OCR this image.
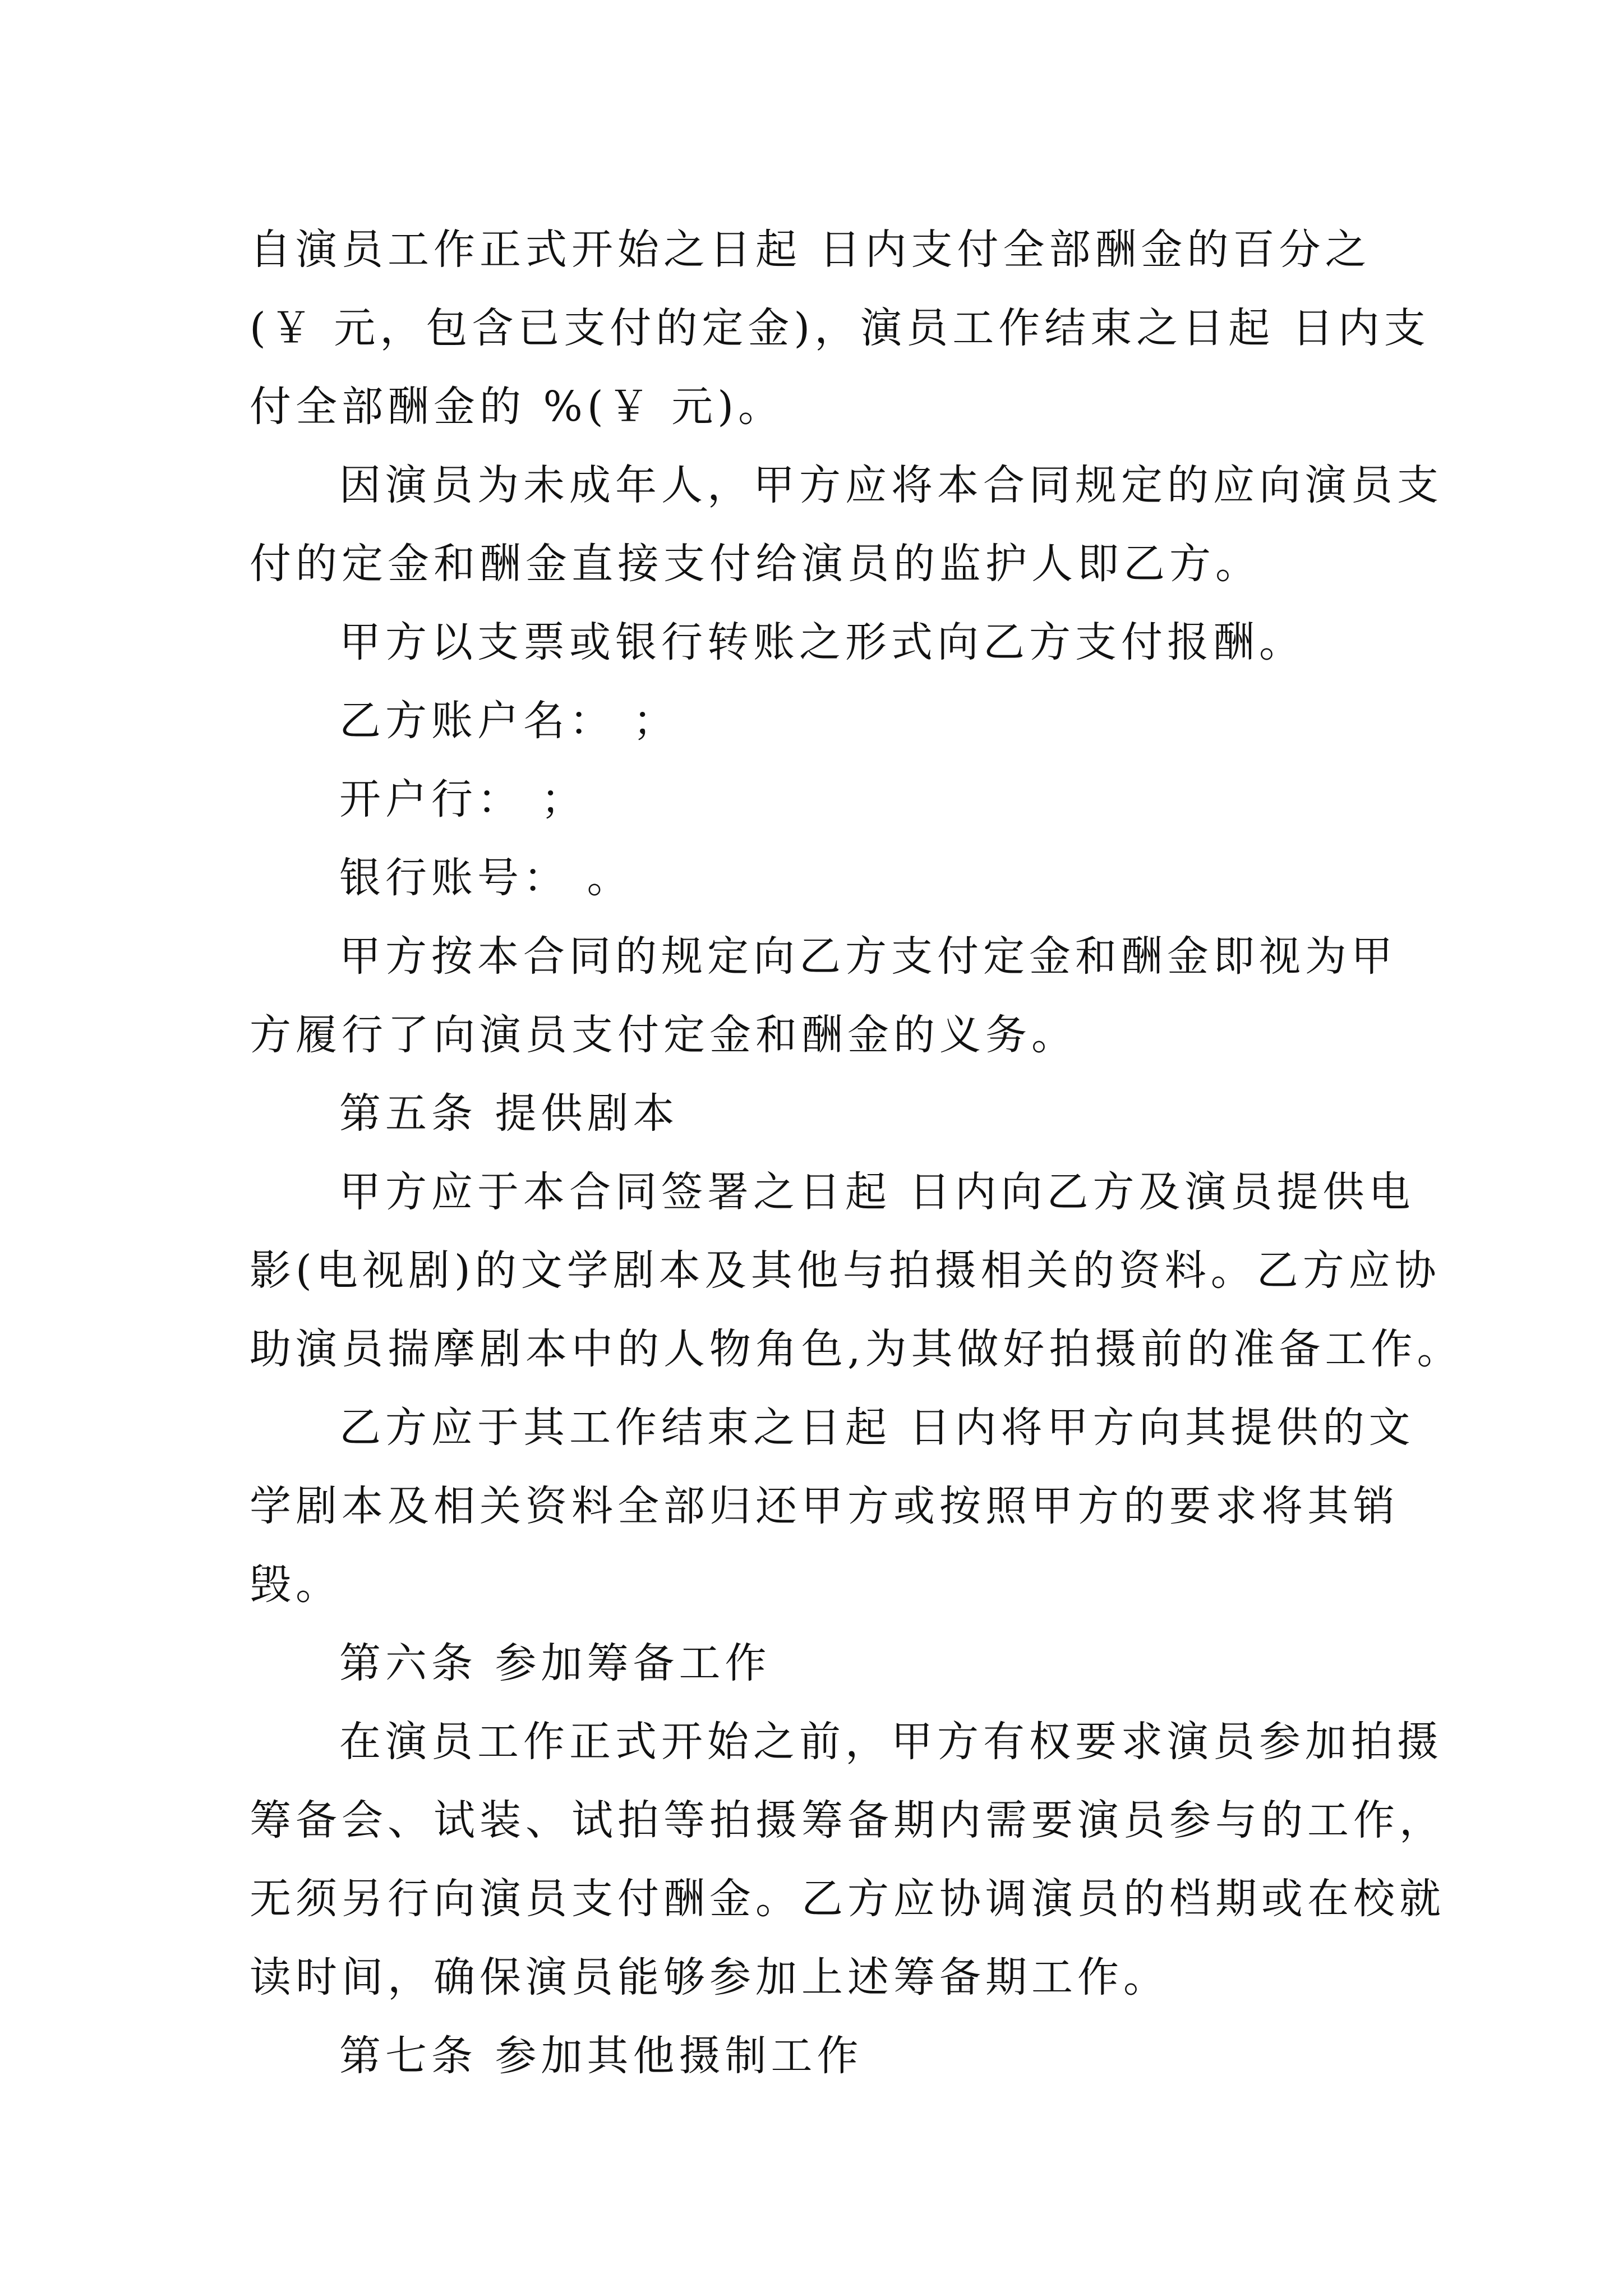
自演员工作正式开始之日起 日内支付全部酬金的百分之
(￥ 元，包含已支付的定金)，演员工作结束之日起 日内支
付全部酬金的 %(￥ 元)。
因演员为未成年人，甲方应将本合同规定的应向演员支
付的定金和酬金直接支付给演员的监护人即乙方。
甲方以支票或银行转账之形式向乙方支付报酬。
乙方账户名： ；
开户行： ；
银行账号： 。
甲方按本合同的规定向乙方支付定金和酬金即视为甲
方履行了向演员支付定金和酬金的义务。
第五条 提供剧本
甲方应于本合同签署之日起 日内向乙方及演员提供电
影(电视剧)的文学剧本及其他与拍摄相关的资料。乙方应协
助演员揣摩剧本中的人物角色,为其做好拍摄前的准备工作。
乙方应于其工作结束之日起 日内将甲方向其提供的文
学剧本及相关资料全部归还甲方或按照甲方的要求将其销
毁。
第六条 参加筹备工作
在演员工作正式开始之前，甲方有权要求演员参加拍摄
筹备会、试装、试拍等拍摄筹备期内需要演员参与的工作，
无须另行向演员支付酬金。乙方应协调演员的档期或在校就
读时间，确保演员能够参加上述筹备期工作。
第七条 参加其他摄制工作
